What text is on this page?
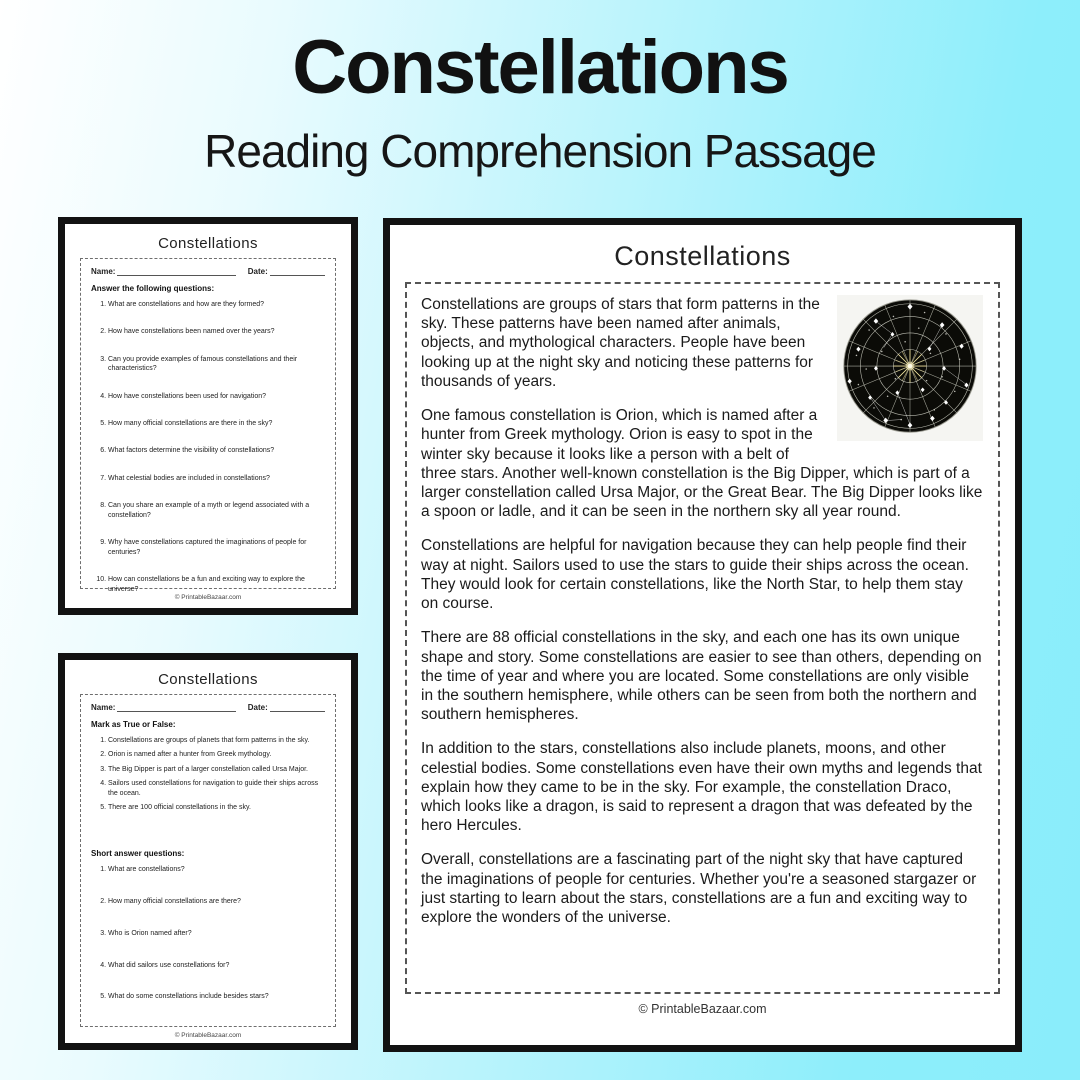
Constellations
Reading Comprehension Passage
Constellations
Name:	Date:
Answer the following questions:
1. What are constellations and how are they formed?
2. How have constellations been named over the years?
3. Can you provide examples of famous constellations and their characteristics?
4. How have constellations been used for navigation?
5. How many official constellations are there in the sky?
6. What factors determine the visibility of constellations?
7. What celestial bodies are included in constellations?
8. Can you share an example of a myth or legend associated with a constellation?
9. Why have constellations captured the imaginations of people for centuries?
10. How can constellations be a fun and exciting way to explore the universe?
© PrintableBazaar.com
Constellations
Name:	Date:
Mark as True or False:
1. Constellations are groups of planets that form patterns in the sky.
2. Orion is named after a hunter from Greek mythology.
3. The Big Dipper is part of a larger constellation called Ursa Major.
4. Sailors used constellations for navigation to guide their ships across the ocean.
5. There are 100 official constellations in the sky.
Short answer questions:
1. What are constellations?
2. How many official constellations are there?
3. Who is Orion named after?
4. What did sailors use constellations for?
5. What do some constellations include besides stars?
© PrintableBazaar.com
Constellations

Constellations are groups of stars that form patterns in the sky. These patterns have been named after animals, objects, and mythological characters. People have been looking up at the night sky and noticing these patterns for thousands of years.

One famous constellation is Orion, which is named after a hunter from Greek mythology. Orion is easy to spot in the winter sky because it looks like a person with a belt of three stars. Another well-known constellation is the Big Dipper, which is part of a larger constellation called Ursa Major, or the Great Bear. The Big Dipper looks like a spoon or ladle, and it can be seen in the northern sky all year round.

Constellations are helpful for navigation because they can help people find their way at night. Sailors used to use the stars to guide their ships across the ocean. They would look for certain constellations, like the North Star, to help them stay on course.

There are 88 official constellations in the sky, and each one has its own unique shape and story. Some constellations are easier to see than others, depending on the time of year and where you are located. Some constellations are only visible in the southern hemisphere, while others can be seen from both the northern and southern hemispheres.

In addition to the stars, constellations also include planets, moons, and other celestial bodies. Some constellations even have their own myths and legends that explain how they came to be in the sky. For example, the constellation Draco, which looks like a dragon, is said to represent a dragon that was defeated by the hero Hercules.

Overall, constellations are a fascinating part of the night sky that have captured the imaginations of people for centuries. Whether you're a seasoned stargazer or just starting to learn about the stars, constellations are a fun and exciting way to explore the wonders of the universe.

© PrintableBazaar.com
